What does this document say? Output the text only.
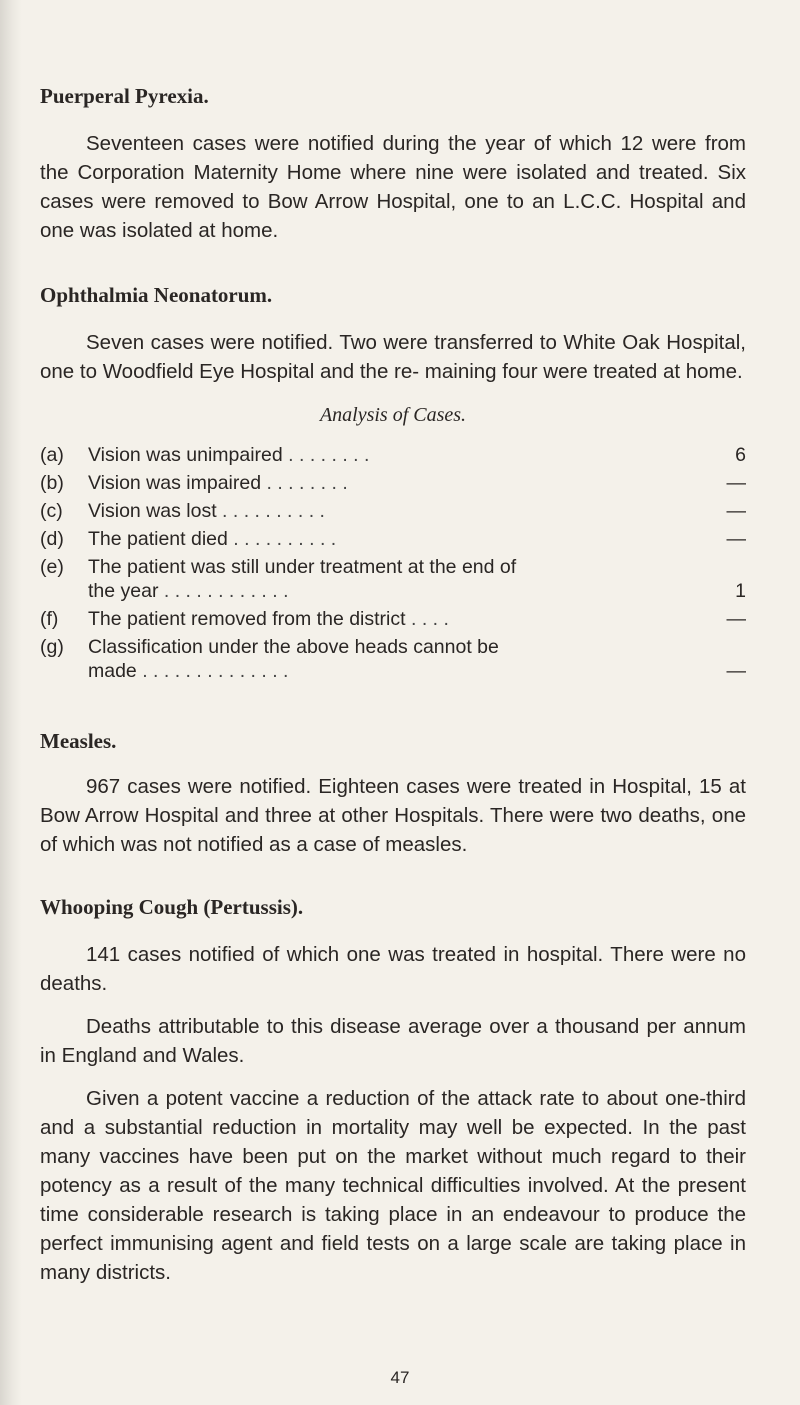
Puerperal Pyrexia.

Seventeen cases were notified during the year of which 12 were from the Corporation Maternity Home where nine were isolated and treated. Six cases were removed to Bow Arrow Hospital, one to an L.C.C. Hospital and one was isolated at home.

Ophthalmia Neonatorum.

Seven cases were notified. Two were transferred to White Oak Hospital, one to Woodfield Eye Hospital and the re- maining four were treated at home.

Analysis of Cases.

(a)	Vision was unimpaired . . . . . . . .	6
(b)	Vision was impaired . . . . . . . .	—
(c)	Vision was lost . . . . . . . . . .	—
(d)	The patient died . . . . . . . . . .	—
(e)	The patient was still under treatment at the end of
the year . . . . . . . . . . . .	1
(f)	The patient removed from the district . . . .	—
(g)	Classification under the above heads cannot be
made . . . . . . . . . . . . . .	—
Measles.

967 cases were notified. Eighteen cases were treated in Hospital, 15 at Bow Arrow Hospital and three at other Hospitals. There were two deaths, one of which was not notified as a case of measles.

Whooping Cough (Pertussis).

141 cases notified of which one was treated in hospital. There were no deaths.

Deaths attributable to this disease average over a thousand per annum in England and Wales.

Given a potent vaccine a reduction of the attack rate to about one-third and a substantial reduction in mortality may well be expected. In the past many vaccines have been put on the market without much regard to their potency as a result of the many technical difficulties involved. At the present time considerable research is taking place in an endeavour to produce the perfect immunising agent and field tests on a large scale are taking place in many districts.

47
